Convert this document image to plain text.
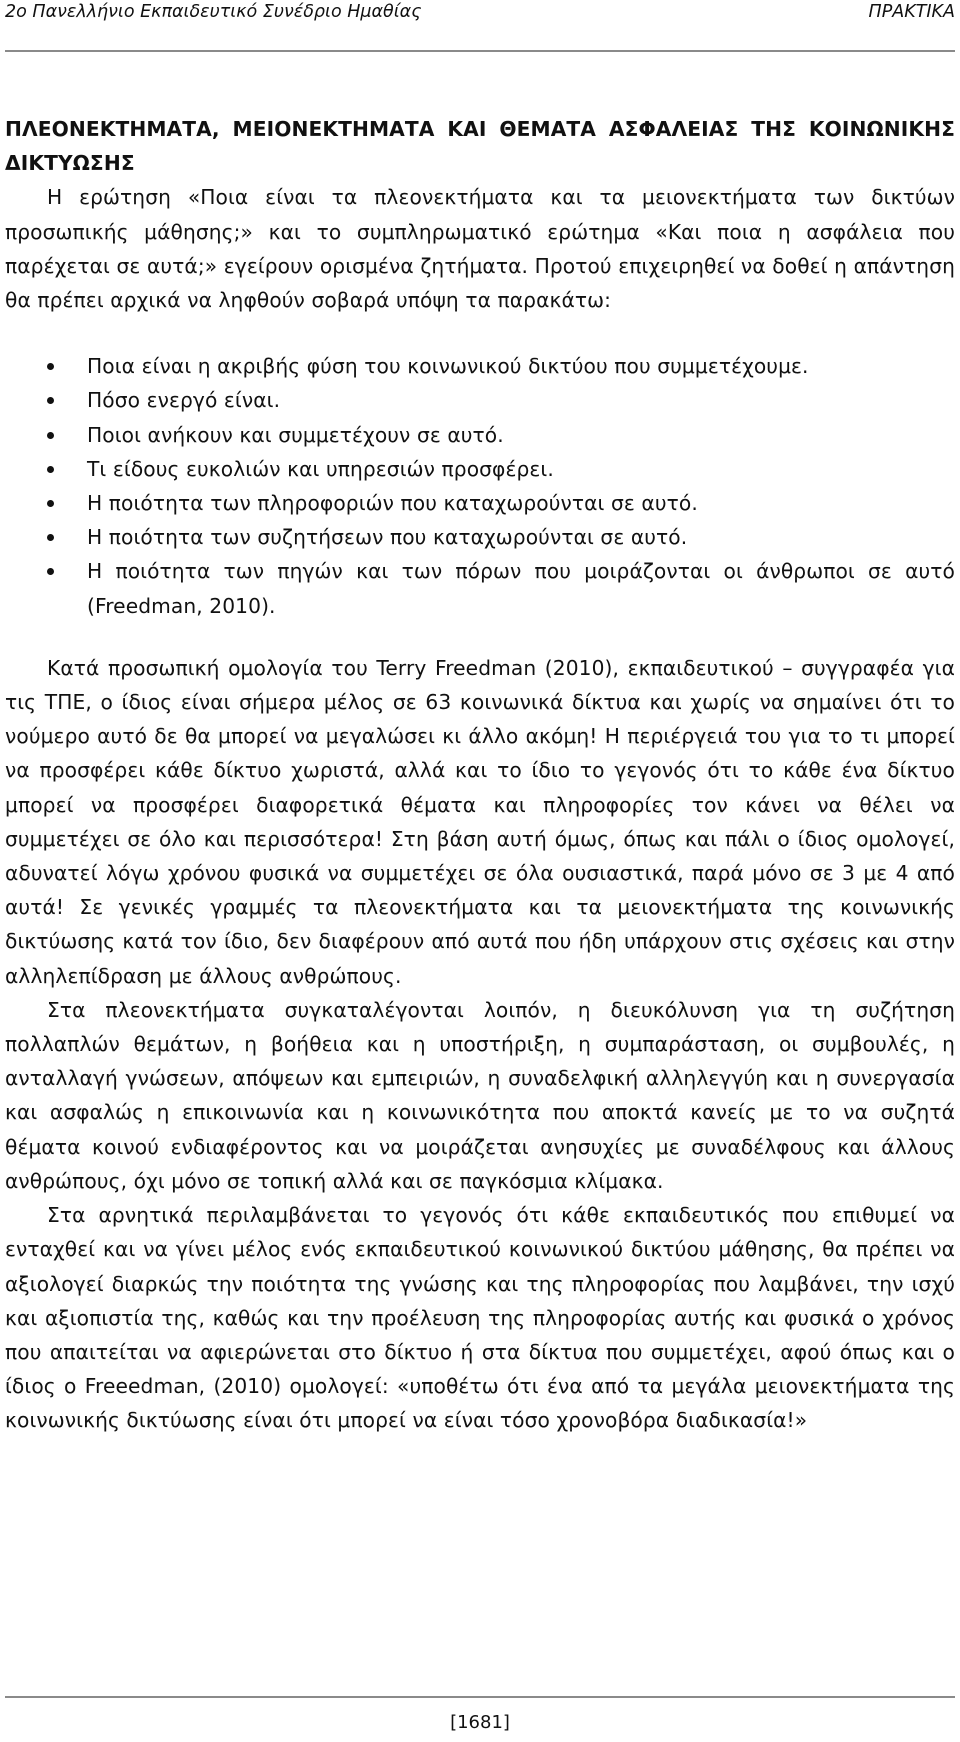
2ο Πανελλήνιο Εκπαιδευτικό Συνέδριο Ημαθίας	ΠΡΑΚΤΙΚΑ
ΠΛΕΟΝΕΚΤΗΜΑΤΑ, ΜΕΙΟΝΕΚΤΗΜΑΤΑ ΚΑΙ ΘΕΜΑΤΑ ΑΣΦΑΛΕΙΑΣ ΤΗΣ ΚΟΙΝΩΝΙΚΗΣ ΔΙΚΤΥΩΣΗΣ

Η ερώτηση «Ποια είναι τα πλεονεκτήματα και τα μειονεκτήματα των δικτύων προσωπικής μάθησης;» και το συμπληρωματικό ερώτημα «Και ποια η ασφάλεια που παρέχεται σε αυτά;» εγείρουν ορισμένα ζητήματα. Προτού επιχειρηθεί να δοθεί η απάντηση θα πρέπει αρχικά να ληφθούν σοβαρά υπόψη τα παρακάτω:

Ποια είναι η ακριβής φύση του κοινωνικού δικτύου που συμμετέχουμε.
Πόσο ενεργό είναι.
Ποιοι ανήκουν και συμμετέχουν σε αυτό.
Τι είδους ευκολιών και υπηρεσιών προσφέρει.
Η ποιότητα των πληροφοριών που καταχωρούνται σε αυτό.
Η ποιότητα των συζητήσεων που καταχωρούνται σε αυτό.
Η ποιότητα των πηγών και των πόρων που μοιράζονται οι άνθρωποι σε αυτό (Freedman, 2010).

Κατά προσωπική ομολογία του Terry Freedman (2010), εκπαιδευτικού – συγγραφέα για τις ΤΠΕ, ο ίδιος είναι σήμερα μέλος σε 63 κοινωνικά δίκτυα και χωρίς να σημαίνει ότι το νούμερο αυτό δε θα μπορεί να μεγαλώσει κι άλλο ακόμη! Η περιέργειά του για το τι μπορεί να προσφέρει κάθε δίκτυο χωριστά, αλλά και το ίδιο το γεγονός ότι το κάθε ένα δίκτυο μπορεί να προσφέρει διαφορετικά θέματα και πληροφορίες τον κάνει να θέλει να συμμετέχει σε όλο και περισσότερα! Στη βάση αυτή όμως, όπως και πάλι ο ίδιος ομολογεί, αδυνατεί λόγω χρόνου φυσικά να συμμετέχει σε όλα ουσιαστικά, παρά μόνο σε 3 με 4 από αυτά! Σε γενικές γραμμές τα πλεονεκτήματα και τα μειονεκτήματα της κοινωνικής δικτύωσης κατά τον ίδιο, δεν διαφέρουν από αυτά που ήδη υπάρχουν στις σχέσεις και στην αλληλεπίδραση με άλλους ανθρώπους.

Στα πλεονεκτήματα συγκαταλέγονται λοιπόν, η διευκόλυνση για τη συζήτηση πολλαπλών θεμάτων, η βοήθεια και η υποστήριξη, η συμπαράσταση, οι συμβουλές, η ανταλλαγή γνώσεων, απόψεων και εμπειριών, η συναδελφική αλληλεγγύη και η συνεργασία και ασφαλώς η επικοινωνία και η κοινωνικότητα που αποκτά κανείς με το να συζητά θέματα κοινού ενδιαφέροντος και να μοιράζεται ανησυχίες με συναδέλφους και άλλους ανθρώπους, όχι μόνο σε τοπική αλλά και σε παγκόσμια κλίμακα.

Στα αρνητικά περιλαμβάνεται το γεγονός ότι κάθε εκπαιδευτικός που επιθυμεί να ενταχθεί και να γίνει μέλος ενός εκπαιδευτικού κοινωνικού δικτύου μάθησης, θα πρέπει να αξιολογεί διαρκώς την ποιότητα της γνώσης και της πληροφορίας που λαμβάνει, την ισχύ και αξιοπιστία της, καθώς και την προέλευση της πληροφορίας αυτής και φυσικά ο χρόνος που απαιτείται να αφιερώνεται στο δίκτυο ή στα δίκτυα που συμμετέχει, αφού όπως και ο ίδιος ο Freeedman, (2010) ομολογεί: «υποθέτω ότι ένα από τα μεγάλα μειονεκτήματα της κοινωνικής δικτύωσης είναι ότι μπορεί να είναι τόσο χρονοβόρα διαδικασία!»

[1681]
